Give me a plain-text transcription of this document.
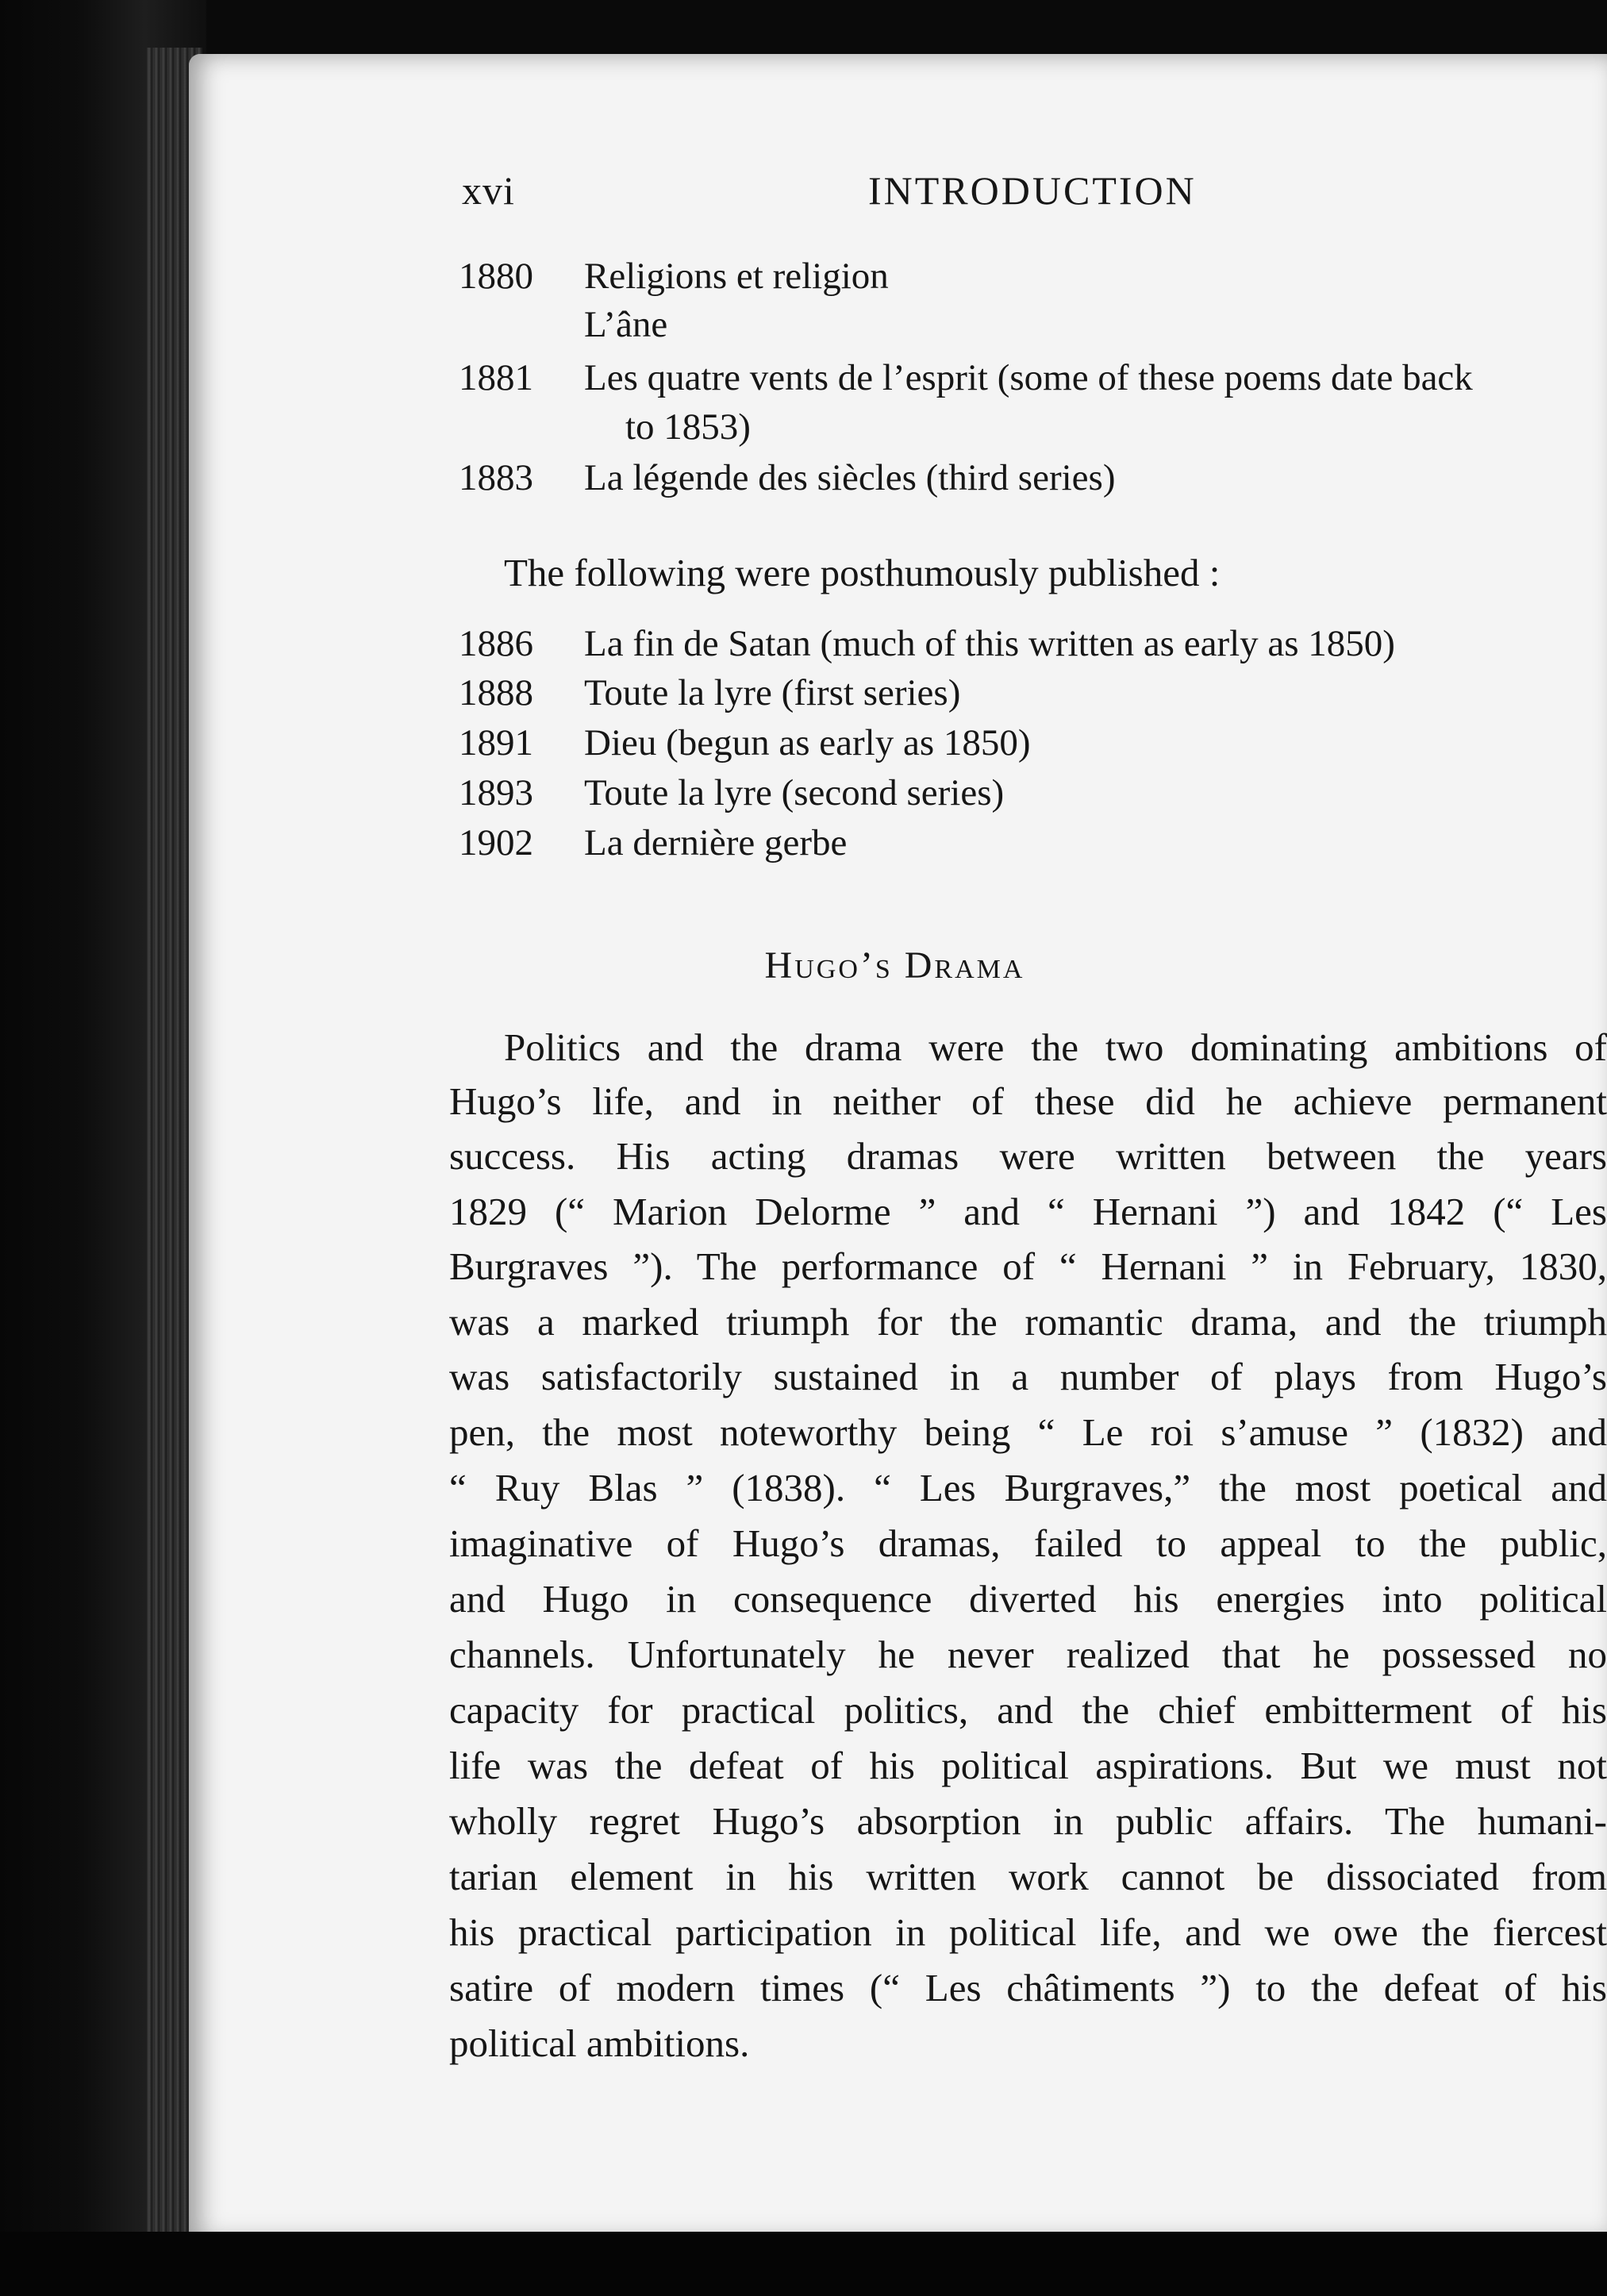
xvi	INTRODUCTION
1880 Religions et religion
L’âne
1881 Les quatre vents de l’esprit (some of these poems date back
to 1853)
1883 La légende des siècles (third series)
The following were posthumously published :
1886 La fin de Satan (much of this written as early as 1850)
1888 Toute la lyre (first series)
1891 Dieu (begun as early as 1850)
1893 Toute la lyre (second series)
1902 La dernière gerbe
Hugo’s Drama
Politics and the drama were the two dominating ambitions of
Hugo’s life, and in neither of these did he achieve permanent
success. His acting dramas were written between the years
1829 (“ Marion Delorme ” and “ Hernani ”) and 1842 (“ Les
Burgraves ”). The performance of “ Hernani ” in February, 1830,
was a marked triumph for the romantic drama, and the triumph
was satisfactorily sustained in a number of plays from Hugo’s
pen, the most noteworthy being “ Le roi s’amuse ” (1832) and
“ Ruy Blas ” (1838). “ Les Burgraves,” the most poetical and
imaginative of Hugo’s dramas, failed to appeal to the public,
and Hugo in consequence diverted his energies into political
channels. Unfortunately he never realized that he possessed no
capacity for practical politics, and the chief embitterment of his
life was the defeat of his political aspirations. But we must not
wholly regret Hugo’s absorption in public affairs. The humani-
tarian element in his written work cannot be dissociated from
his practical participation in political life, and we owe the fiercest
satire of modern times (“ Les châtiments ”) to the defeat of his
political ambitions.
